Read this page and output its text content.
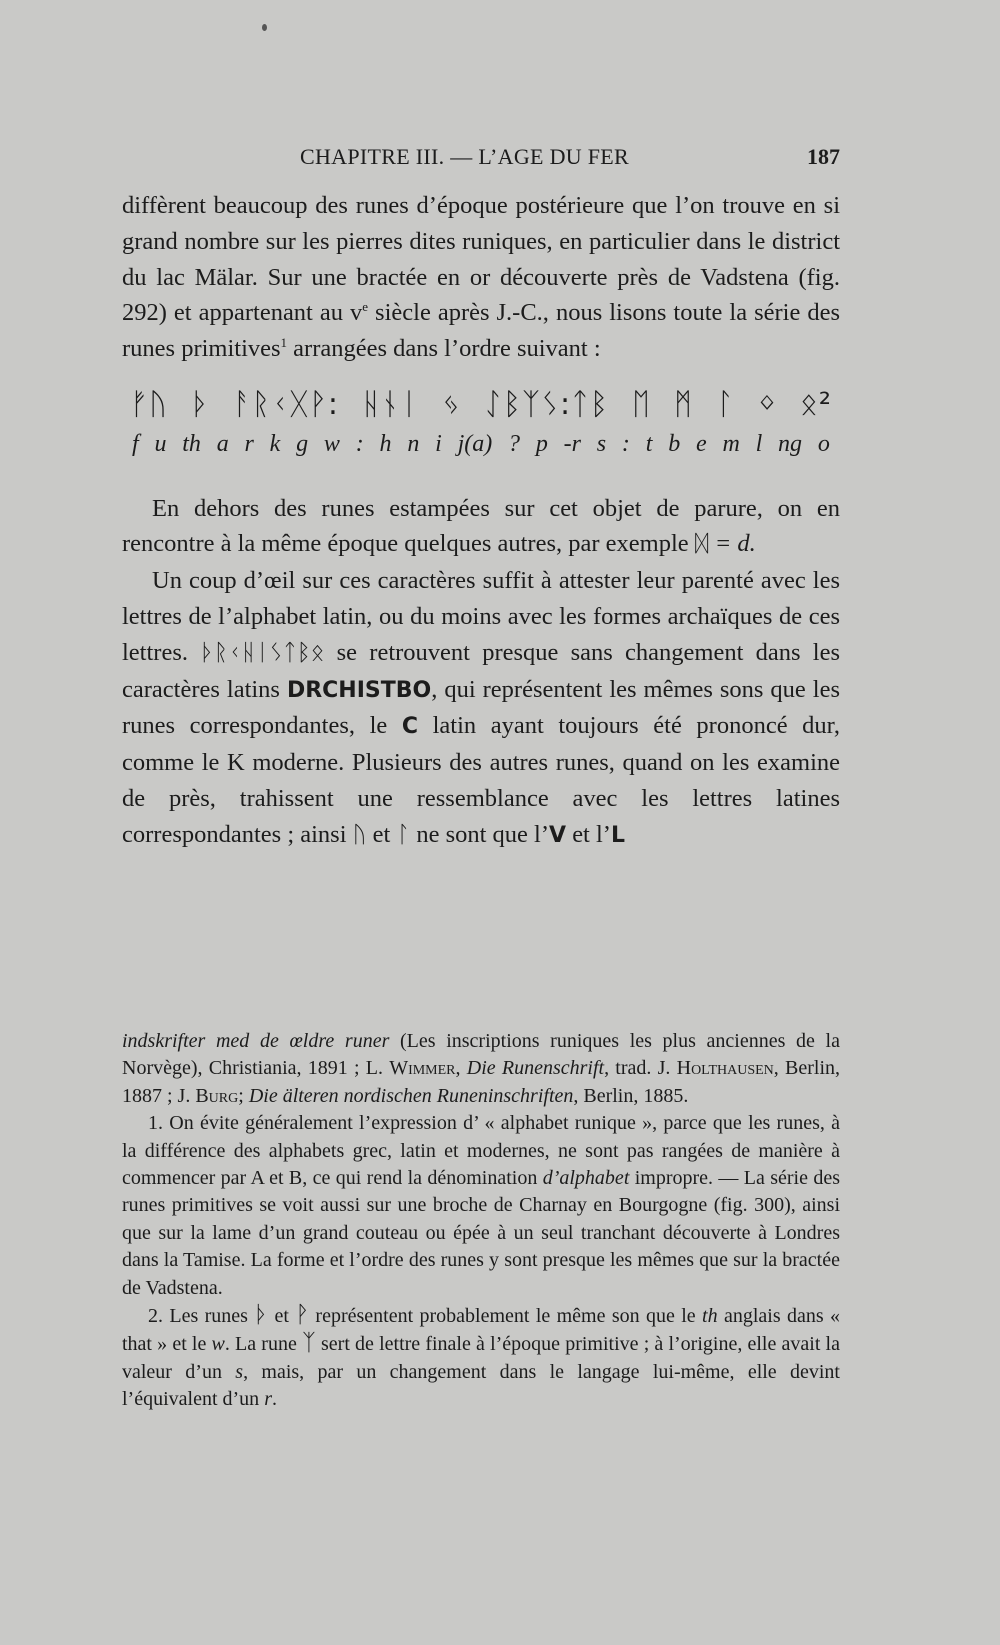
CHAPITRE III. — L’AGE DU FER	187

diffèrent beaucoup des runes d’époque postérieure que l’on trouve en si grand nombre sur les pierres dites runiques, en particulier dans le district du lac Mälar. Sur une bractée en or découverte près de Vadstena (fig. 292) et appartenant au $v^e$ siècle après J.-C., nous lisons toute la série des runes primitives$^1$ arrangées dans l’ordre suivant :

ᚠᚢ ᚦ ᚨᚱᚲᚷᚹ: ᚺᚾᛁ ᛃ ᛇᛒᛉᛊ:ᛏᛒ ᛖ ᛗ ᛚ ᛜ ᛟ²
f u th a r k g w : h n i j(a) ? p -r s : t b e m l ng o

En dehors des runes estampées sur cet objet de parure, on en rencontre à la même époque quelques autres, par exemple ᛞ = d.

Un coup d’œil sur ces caractères suffit à attester leur parenté avec les lettres de l’alphabet latin, ou du moins avec les formes archaïques de ces lettres. ᚦᚱᚲᚺᛁᛊᛏᛒᛟ se retrouvent presque sans changement dans les caractères latins DRCHISTBO, qui représentent les mêmes sons que les runes correspondantes, le C latin ayant toujours été prononcé dur, comme le K moderne. Plusieurs des autres runes, quand on les examine de près, trahissent une ressemblance avec les lettres latines correspondantes ; ainsi ᚢ et ᛚ ne sont que l’V et l’L

indskrifter med de œldre runer (Les inscriptions runiques les plus anciennes de la Norvège), Christiania, 1891 ; L. Wimmer, Die Runenschrift, trad. J. Holthausen, Berlin, 1887 ; J. Burg; Die älteren nordischen Runeninschriften, Berlin, 1885.

1. On évite généralement l’expression d’ « alphabet runique », parce que les runes, à la différence des alphabets grec, latin et modernes, ne sont pas rangées de manière à commencer par A et B, ce qui rend la dénomination d’alphabet impropre. — La série des runes primitives se voit aussi sur une broche de Charnay en Bourgogne (fig. 300), ainsi que sur la lame d’un grand couteau ou épée à un seul tranchant découverte à Londres dans la Tamise. La forme et l’ordre des runes y sont presque les mêmes que sur la bractée de Vadstena.

2. Les runes ᚦ et ᚹ représentent probablement le même son que le th anglais dans « that » et le w. La rune ᛉ sert de lettre finale à l’époque primitive ; à l’origine, elle avait la valeur d’un s, mais, par un changement dans le langage lui-même, elle devint l’équivalent d’un r.
